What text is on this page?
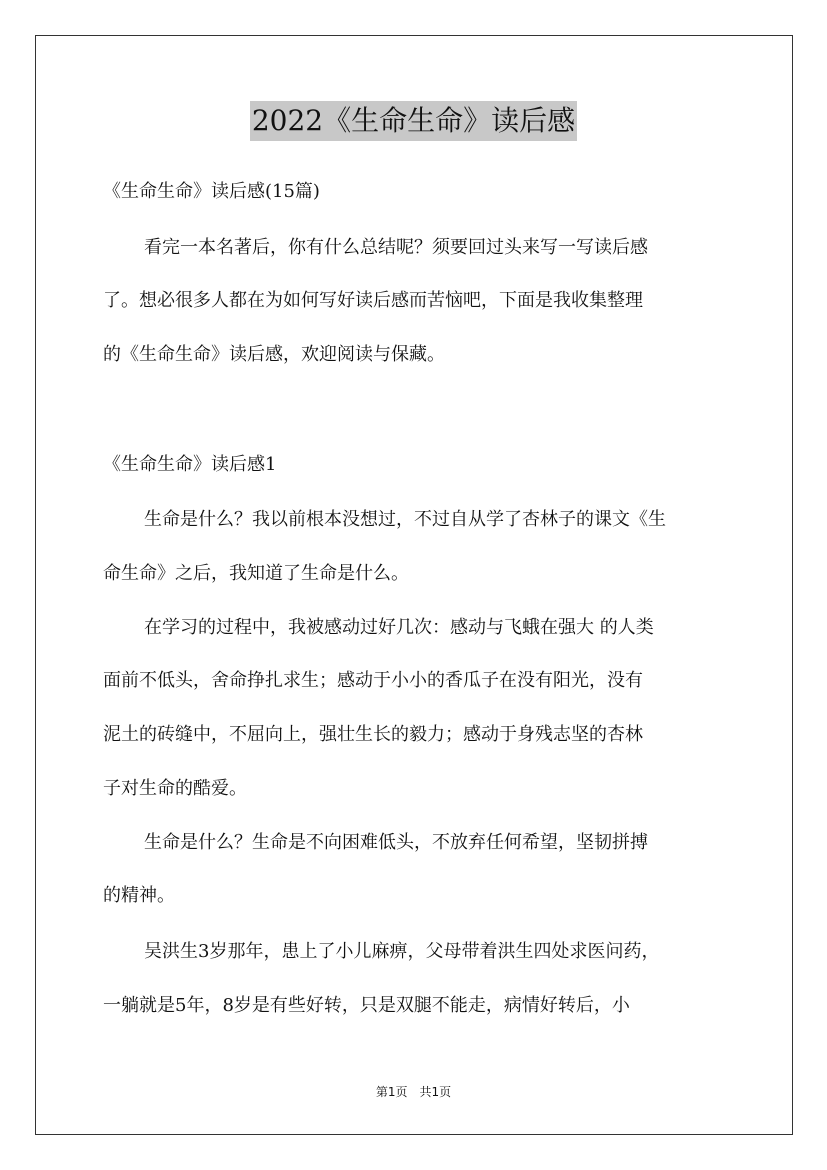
2022《生命生命》读后感
《生命生命》读后感(15篇)
看完一本名著后，你有什么总结呢？须要回过头来写一写读后感
了。想必很多人都在为如何写好读后感而苦恼吧，下面是我收集整理
的《生命生命》读后感，欢迎阅读与保藏。
《生命生命》读后感1
生命是什么？我以前根本没想过，不过自从学了杏林子的课文《生
命生命》之后，我知道了生命是什么。
在学习的过程中，我被感动过好几次：感动与飞蛾在强大 的人类
面前不低头，舍命挣扎求生；感动于小小的香瓜子在没有阳光，没有
泥土的砖缝中，不屈向上，强壮生长的毅力；感动于身残志坚的杏林
子对生命的酷爱。
生命是什么？生命是不向困难低头，不放弃任何希望，坚韧拼搏
的精神。
吴洪生3岁那年，患上了小儿麻痹，父母带着洪生四处求医问药，
一躺就是5年，8岁是有些好转，只是双腿不能走，病情好转后，小
第1页　共1页
